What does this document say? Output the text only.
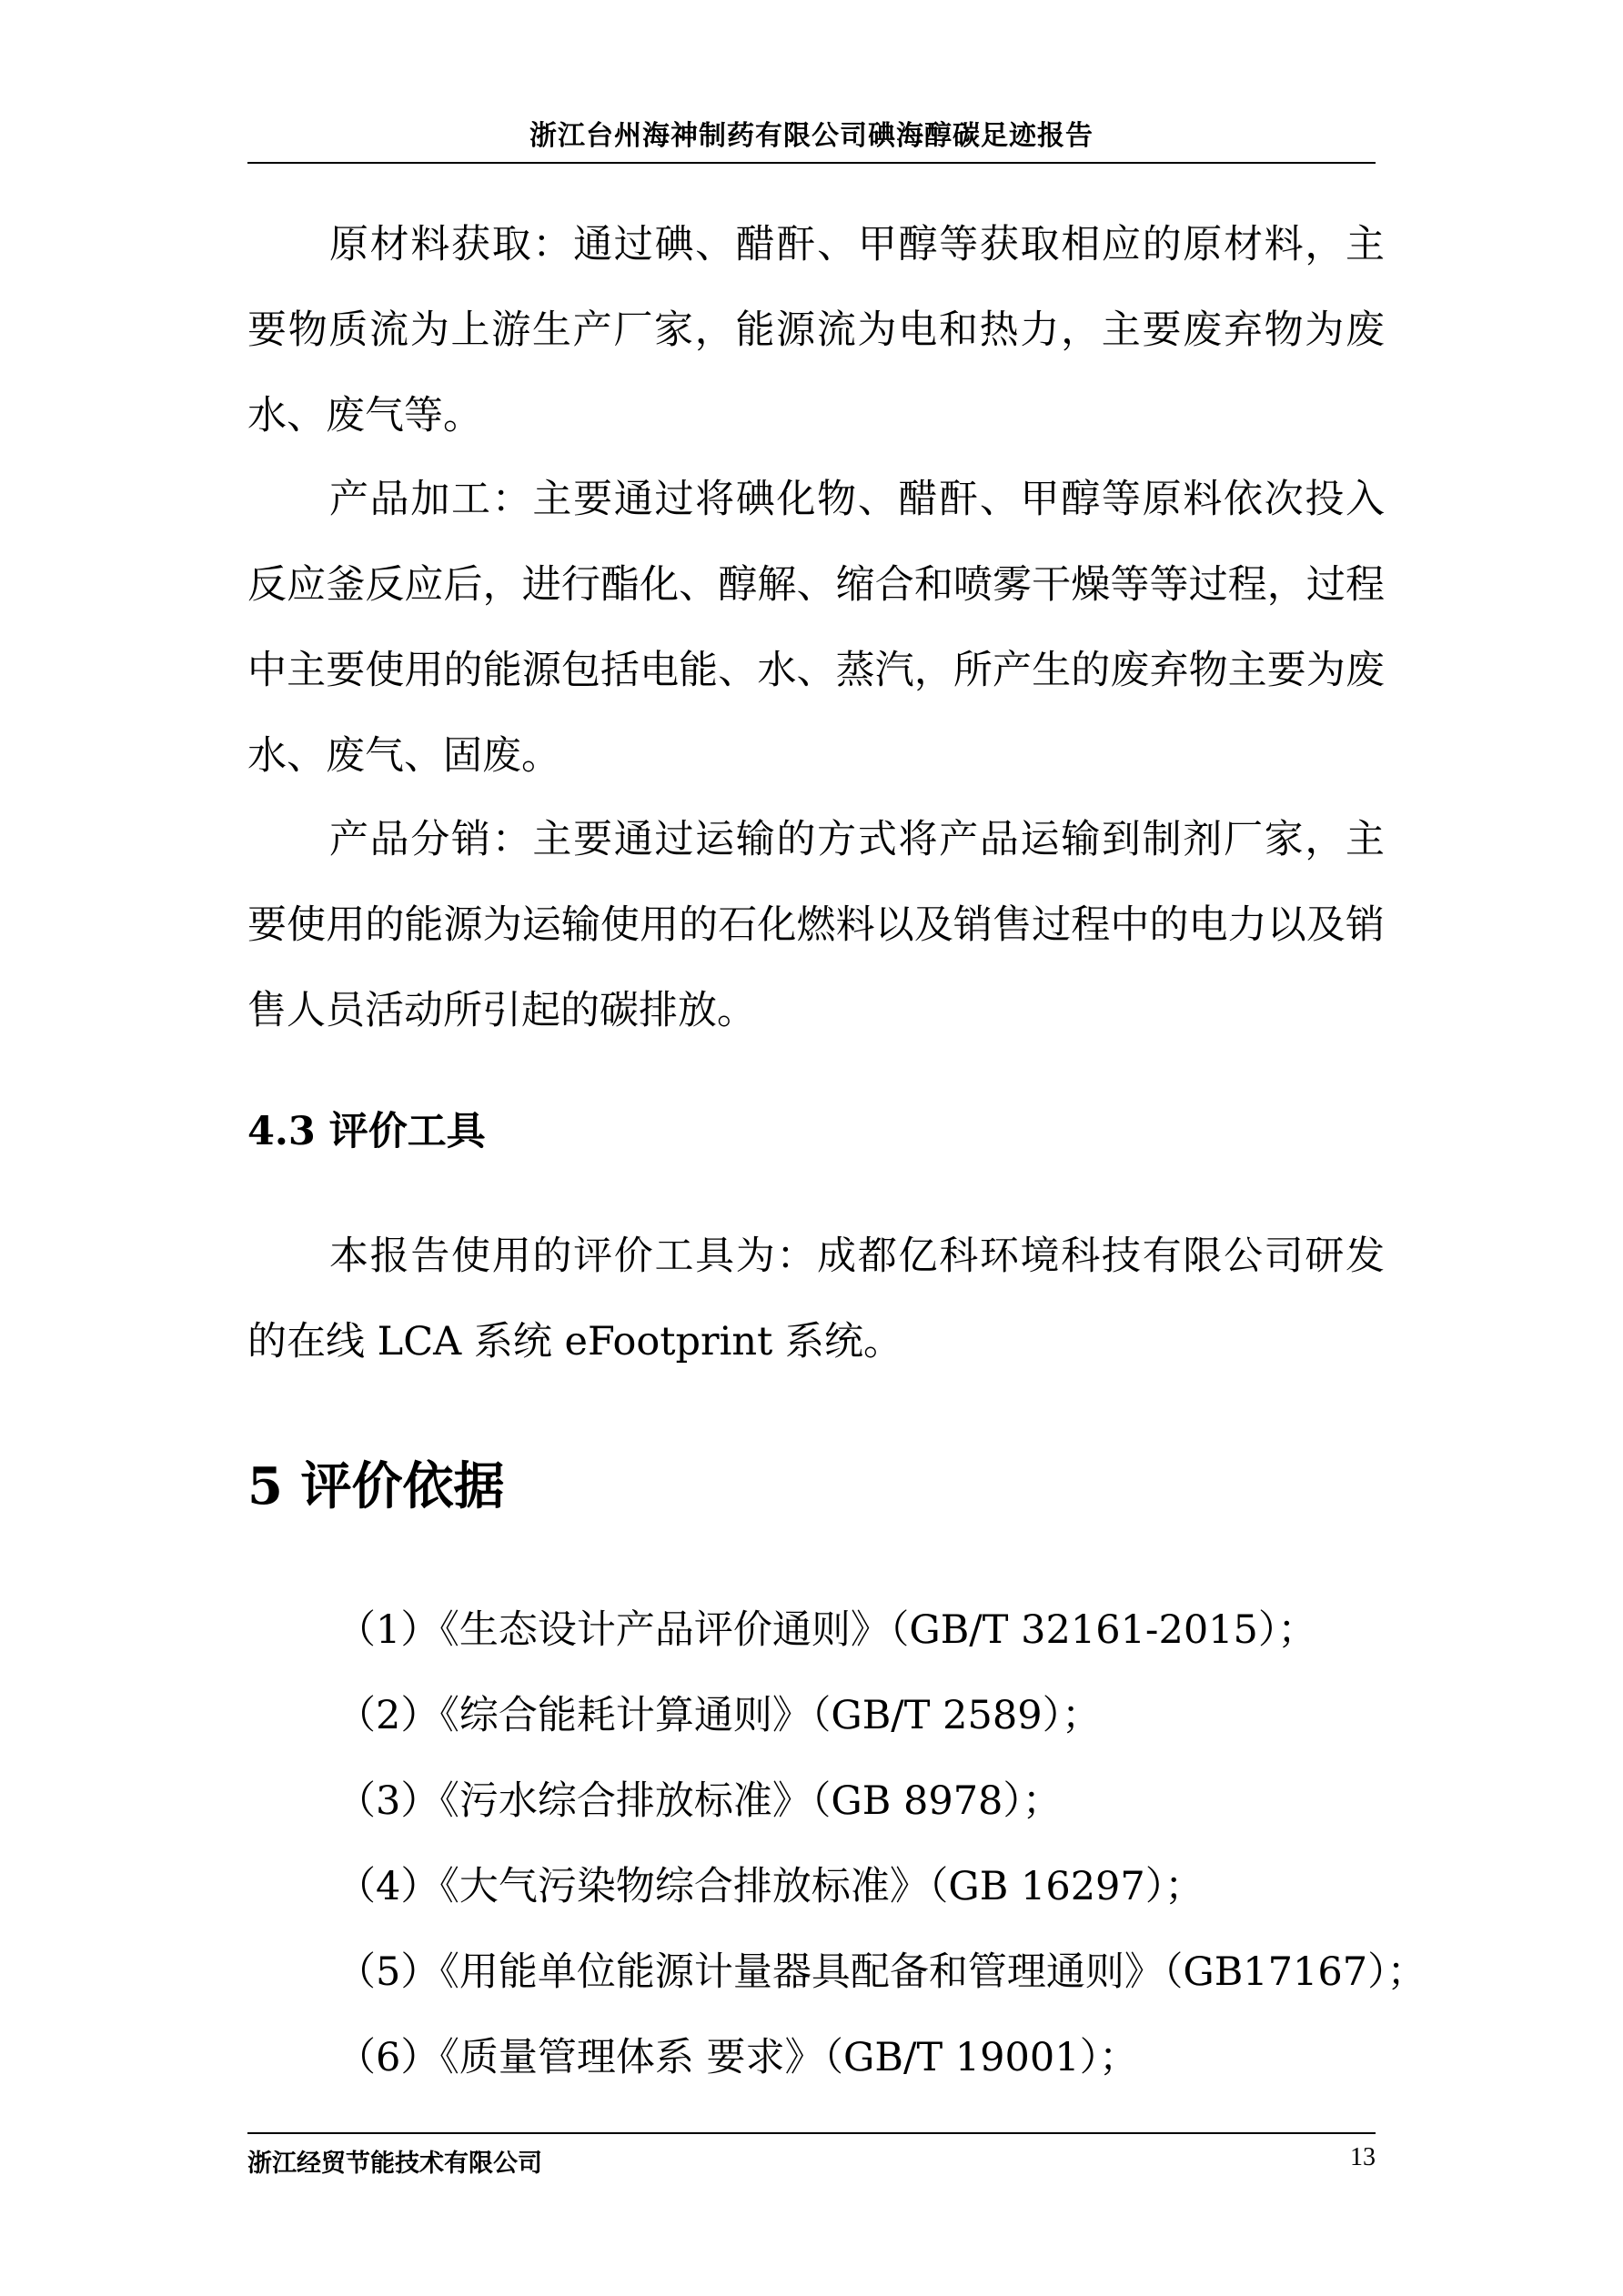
浙江台州海神制药有限公司碘海醇碳足迹报告

原材料获取：通过碘、醋酐、甲醇等获取相应的原材料，主要物质流为上游生产厂家，能源流为电和热力，主要废弃物为废水、废气等。

产品加工：主要通过将碘化物、醋酐、甲醇等原料依次投入反应釜反应后，进行酯化、醇解、缩合和喷雾干燥等等过程，过程中主要使用的能源包括电能、水、蒸汽，所产生的废弃物主要为废水、废气、固废。

产品分销：主要通过运输的方式将产品运输到制剂厂家，主要使用的能源为运输使用的石化燃料以及销售过程中的电力以及销售人员活动所引起的碳排放。

4.3 评价工具

本报告使用的评价工具为：成都亿科环境科技有限公司研发的在线 LCA 系统 eFootprint 系统。

5 评价依据
（1）《生态设计产品评价通则》（GB/T 32161-2015）；
（2）《综合能耗计算通则》（GB/T 2589）；
（3）《污水综合排放标准》（GB 8978）；
（4）《大气污染物综合排放标准》（GB 16297）；
（5）《用能单位能源计量器具配备和管理通则》（GB17167）；
（6）《质量管理体系 要求》（GB/T 19001）；
浙江经贸节能技术有限公司	13
